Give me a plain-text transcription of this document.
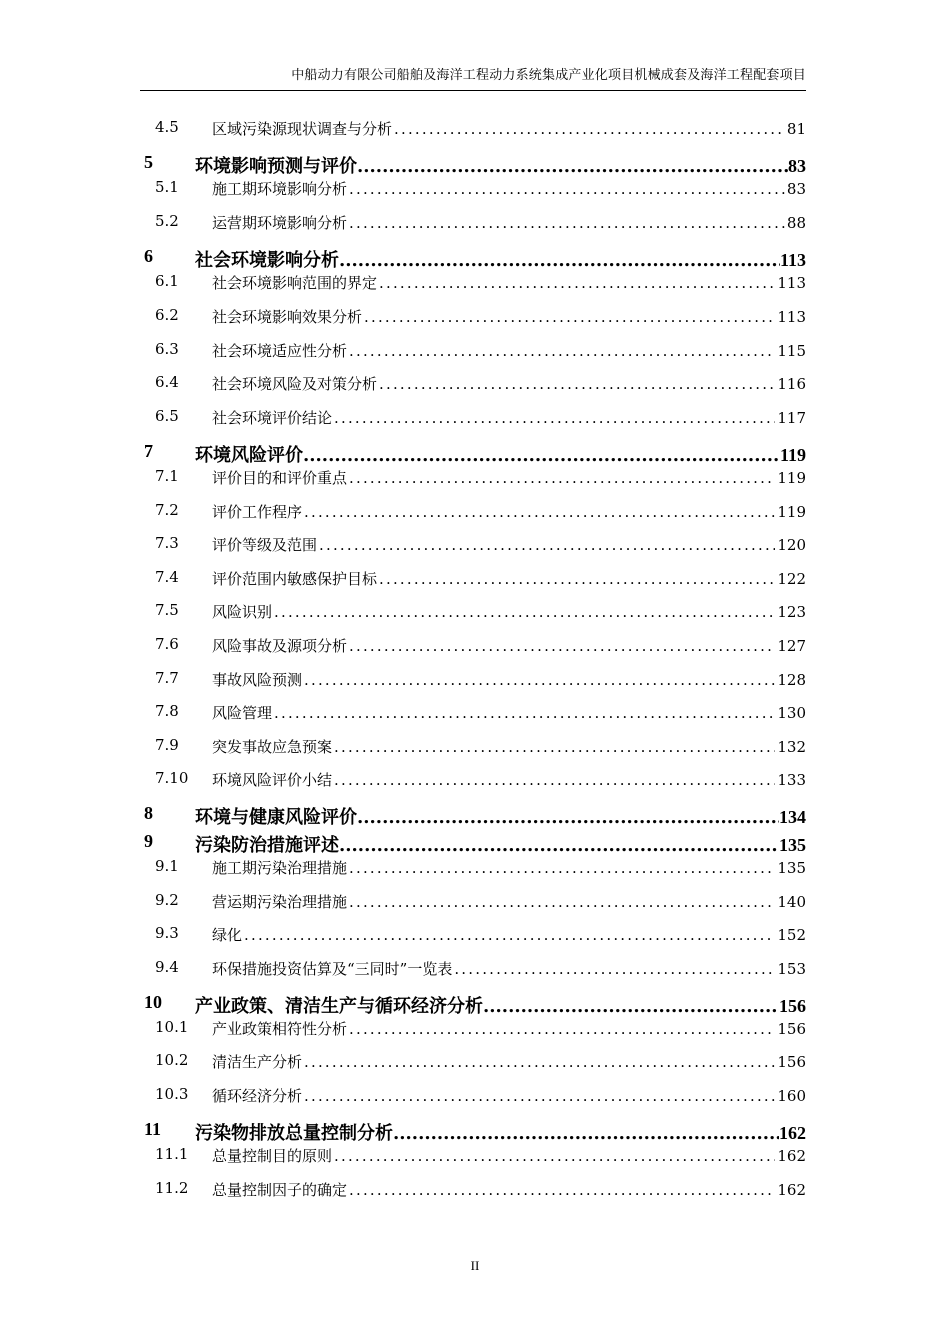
中船动力有限公司船舶及海洋工程动力系统集成产业化项目机械成套及海洋工程配套项目
4.5 区域污染源现状调查与分析 .....	81
5 环境影响预测与评价 .....	83
5.1 施工期环境影响分析 .....	83
5.2 运营期环境影响分析 .....	88
6 社会环境影响分析 .....	113
6.1 社会环境影响范围的界定 .....	113
6.2 社会环境影响效果分析 .....	113
6.3 社会环境适应性分析 .....	115
6.4 社会环境风险及对策分析 .....	116
6.5 社会环境评价结论 .....	117
7 环境风险评价 .....	119
7.1 评价目的和评价重点 .....	119
7.2 评价工作程序 .....	119
7.3 评价等级及范围 .....	120
7.4 评价范围内敏感保护目标 .....	122
7.5 风险识别 .....	123
7.6 风险事故及源项分析 .....	127
7.7 事故风险预测 .....	128
7.8 风险管理 .....	130
7.9 突发事故应急预案 .....	132
7.10 环境风险评价小结 .....	133
8 环境与健康风险评价 .....	134
9 污染防治措施评述 .....	135
9.1 施工期污染治理措施 .....	135
9.2 营运期污染治理措施 .....	140
9.3 绿化 .....	152
9.4 环保措施投资估算及“三同时”一览表 .....	153
10 产业政策、清洁生产与循环经济分析 .....	156
10.1 产业政策相符性分析 .....	156
10.2 清洁生产分析 .....	156
10.3 循环经济分析 .....	160
11 污染物排放总量控制分析 .....	162
11.1 总量控制目的原则 .....	162
11.2 总量控制因子的确定 .....	162
II
